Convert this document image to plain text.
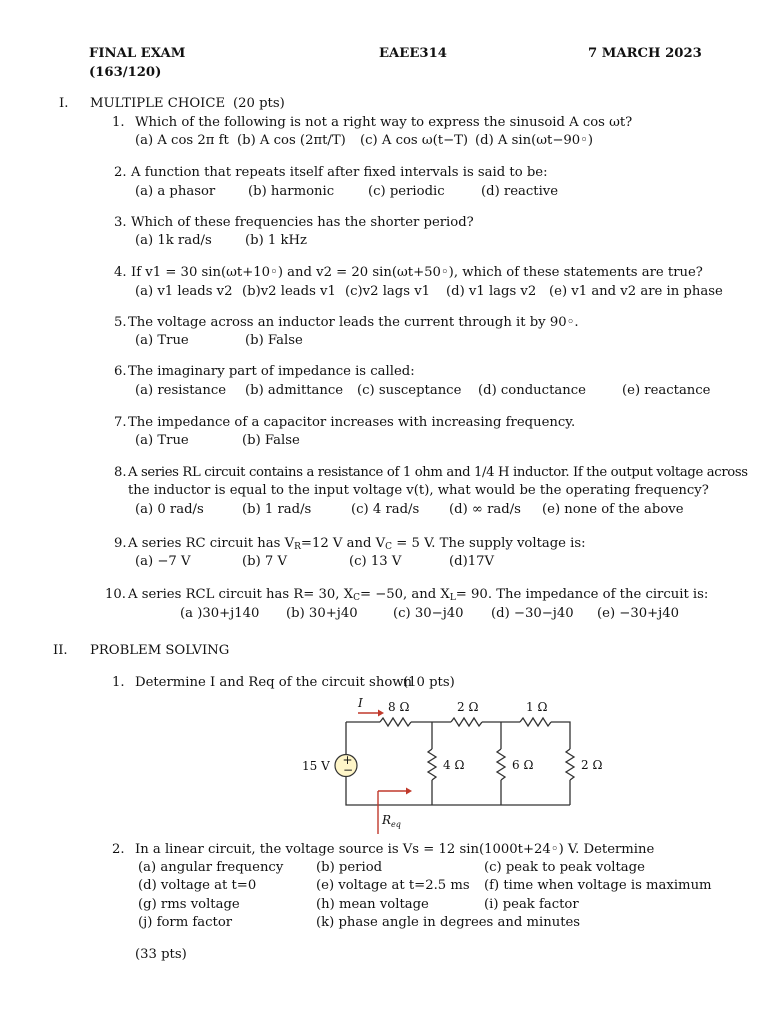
FINAL EXAM	EAEE314	7 MARCH 2023
(163/120)
I. MULTIPLE CHOICE (20 pts)
1. Which of the following is not a right way to express the sinusoid A cos ωt?
(a) A cos 2π ft (b) A cos (2πt/T) (c) A cos ω(t−T) (d) A sin(ωt−90◦)
2. A function that repeats itself after fixed intervals is said to be:
(a) a phasor (b) harmonic	(c) periodic	(d) reactive
3. Which of these frequencies has the shorter period?
(a) 1k rad/s	(b) 1 kHz
4. If v1 = 30 sin(ωt+10◦) and v2 = 20 sin(ωt+50◦), which of these statements are true?
(a) v1 leads v2 (b)v2 leads v1 (c)v2 lags v1 (d) v1 lags v2 (e) v1 and v2 are in phase
5. The voltage across an inductor leads the current through it by 90◦.
(a) True	(b) False
6. The imaginary part of impedance is called:
(a) resistance (b) admittance (c) susceptance (d) conductance	(e) reactance
7. The impedance of a capacitor increases with increasing frequency.
(a) True	(b) False
8. A series RL circuit contains a resistance of 1 ohm and 1/4 H inductor. If the output voltage across
the inductor is equal to the input voltage v(t), what would be the operating frequency?
(a) 0 rad/s	(b) 1 rad/s	(c) 4 rad/s (d) ∞ rad/s (e) none of the above
9. A series RC circuit has $V_R=12$ V and $V_C = 5$ V. The supply voltage is:
(a) −7 V	(b) 7 V	(c) 13 V	(d)17V
10. A series RCL circuit has R= 30, $X_C= -50$, and $X_L= 90$. The impedance of the circuit is:
(a )30+j140 (b) 30+j40	(c) 30−j40 (d) −30−j40 (e) −30+j40
II. PROBLEM SOLVING
1. Determine I and Req of the circuit shown
(10 pts)
+
−
I 8 Ω	2 Ω	1 Ω
4 Ω	6 Ω	2 Ω
15 V
$R_{eq}$
2. In a linear circuit, the voltage source is Vs = 12 sin(1000t+24◦) V. Determine
(a) angular frequency (b) period	(c) peak to peak voltage
(d) voltage at t=0	(e) voltage at t=2.5 ms (f) time when voltage is maximum
(g) rms voltage	(h) mean voltage	(i) peak factor
(j) form factor	(k) phase angle in degrees and minutes
(33 pts)
